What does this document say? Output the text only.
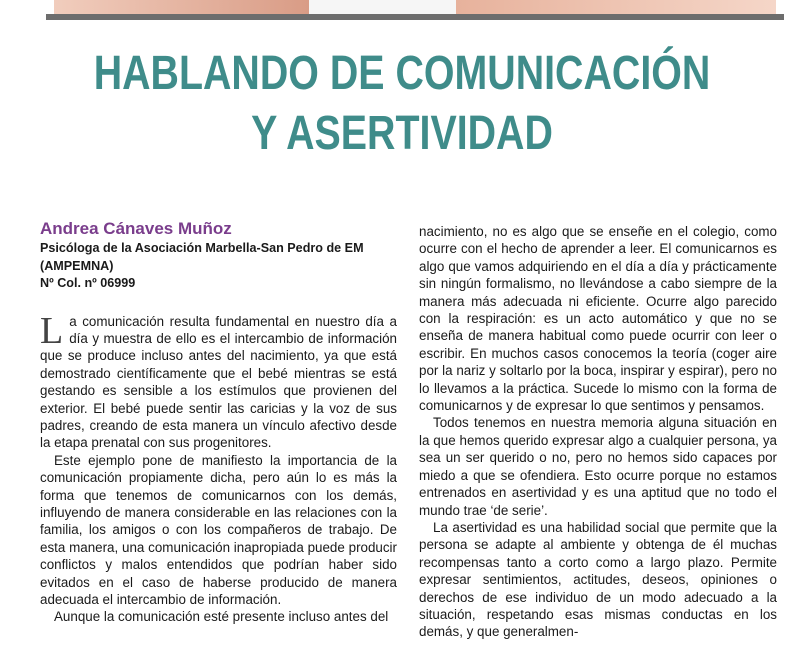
HABLANDO DE COMUNICACIÓN
Y ASERTIVIDAD

Andrea Cánaves Muñoz

Psicóloga de la Asociación Marbella-San Pedro de EM
(AMPEMNA)
Nº Col. nº 06999

La comunicación resulta fundamental en nuestro día a día y muestra de ello es el intercambio de información que se produce incluso antes del nacimiento, ya que está demostrado científicamente que el bebé mientras se está gestando es sensible a los estímulos que provienen del exterior. El bebé puede sentir las caricias y la voz de sus padres, creando de esta manera un vínculo afectivo desde la etapa prenatal con sus progenitores.

Este ejemplo pone de manifiesto la importancia de la comunicación propiamente dicha, pero aún lo es más la forma que tenemos de comunicarnos con los demás, influyendo de manera considerable en las relaciones con la familia, los amigos o con los compañeros de trabajo. De esta manera, una comunicación inapropiada puede producir conflictos y malos entendidos que podrían haber sido evitados en el caso de haberse producido de manera adecuada el intercambio de información.

Aunque la comunicación esté presente incluso antes del

nacimiento, no es algo que se enseñe en el colegio, como ocurre con el hecho de aprender a leer. El comunicarnos es algo que vamos adquiriendo en el día a día y prácticamente sin ningún formalismo, no llevándose a cabo siempre de la manera más adecuada ni eficiente. Ocurre algo parecido con la respiración: es un acto automático y que no se enseña de manera habitual como puede ocurrir con leer o escribir. En muchos casos conocemos la teoría (coger aire por la nariz y soltarlo por la boca, inspirar y espirar), pero no lo llevamos a la práctica. Sucede lo mismo con la forma de comunicarnos y de expresar lo que sentimos y pensamos.

Todos tenemos en nuestra memoria alguna situación en la que hemos querido expresar algo a cualquier persona, ya sea un ser querido o no, pero no hemos sido capaces por miedo a que se ofendiera. Esto ocurre porque no estamos entrenados en asertividad y es una aptitud que no todo el mundo trae ‘de serie’.

La asertividad es una habilidad social que permite que la persona se adapte al ambiente y obtenga de él muchas recompensas tanto a corto como a largo plazo. Permite expresar sentimientos, actitudes, deseos, opiniones o derechos de ese individuo de un modo adecuado a la situación, respetando esas mismas conductas en los demás, y que generalmen-
